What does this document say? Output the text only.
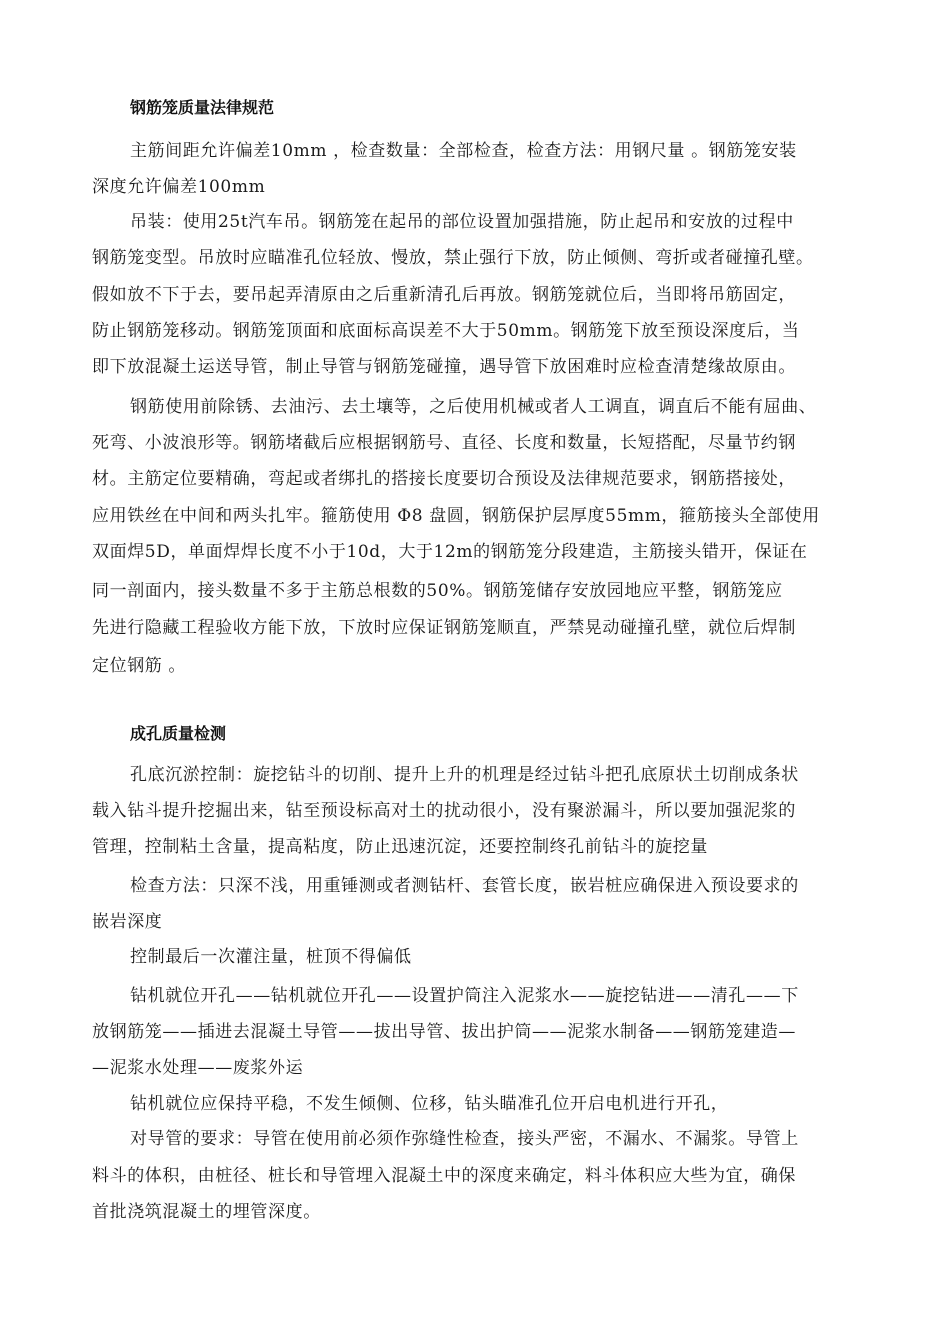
钢筋笼质量法律规范

主筋间距允许偏差10mm ，检查数量：全部检查，检查方法：用钢尺量 。钢筋笼安装

深度允许偏差100mm

吊装：使用25t汽车吊。钢筋笼在起吊的部位设置加强措施，防止起吊和安放的过程中

钢筋笼变型。吊放时应瞄准孔位轻放、慢放，禁止强行下放，防止倾侧、弯折或者碰撞孔壁。

假如放不下于去，要吊起弄清原由之后重新清孔后再放。钢筋笼就位后，当即将吊筋固定，

防止钢筋笼移动。钢筋笼顶面和底面标高误差不大于50mm。钢筋笼下放至预设深度后，当

即下放混凝土运送导管，制止导管与钢筋笼碰撞，遇导管下放困难时应检查清楚缘故原由。

钢筋使用前除锈、去油污、去土壤等，之后使用机械或者人工调直，调直后不能有屈曲、

死弯、小波浪形等。钢筋堵截后应根据钢筋号、直径、长度和数量，长短搭配，尽量节约钢

材。主筋定位要精确，弯起或者绑扎的搭接长度要切合预设及法律规范要求，钢筋搭接处，

应用铁丝在中间和两头扎牢。箍筋使用 Φ8 盘圆，钢筋保护层厚度55mm，箍筋接头全部使用

双面焊5D，单面焊焊长度不小于10d，大于12m的钢筋笼分段建造，主筋接头错开，保证在

同一剖面内，接头数量不多于主筋总根数的50%。钢筋笼储存安放园地应平整，钢筋笼应

先进行隐藏工程验收方能下放，下放时应保证钢筋笼顺直，严禁晃动碰撞孔壁，就位后焊制

定位钢筋 。

成孔质量检测

孔底沉淤控制：旋挖钻斗的切削、提升上升的机理是经过钻斗把孔底原状土切削成条状

载入钻斗提升挖掘出来，钻至预设标高对土的扰动很小，没有聚淤漏斗，所以要加强泥浆的

管理，控制粘土含量，提高粘度，防止迅速沉淀，还要控制终孔前钻斗的旋挖量

检查方法：只深不浅，用重锤测或者测钻杆、套管长度，嵌岩桩应确保进入预设要求的

嵌岩深度

控制最后一次灌注量，桩顶不得偏低

钻机就位开孔——钻机就位开孔——设置护筒注入泥浆水——旋挖钻进——清孔——下

放钢筋笼——插进去混凝土导管——拔出导管、拔出护筒——泥浆水制备——钢筋笼建造—

—泥浆水处理——废浆外运

钻机就位应保持平稳，不发生倾侧、位移，钻头瞄准孔位开启电机进行开孔，

对导管的要求：导管在使用前必须作弥缝性检查，接头严密，不漏水、不漏浆。导管上

料斗的体积，由桩径、桩长和导管埋入混凝土中的深度来确定，料斗体积应大些为宜，确保

首批浇筑混凝土的埋管深度。
